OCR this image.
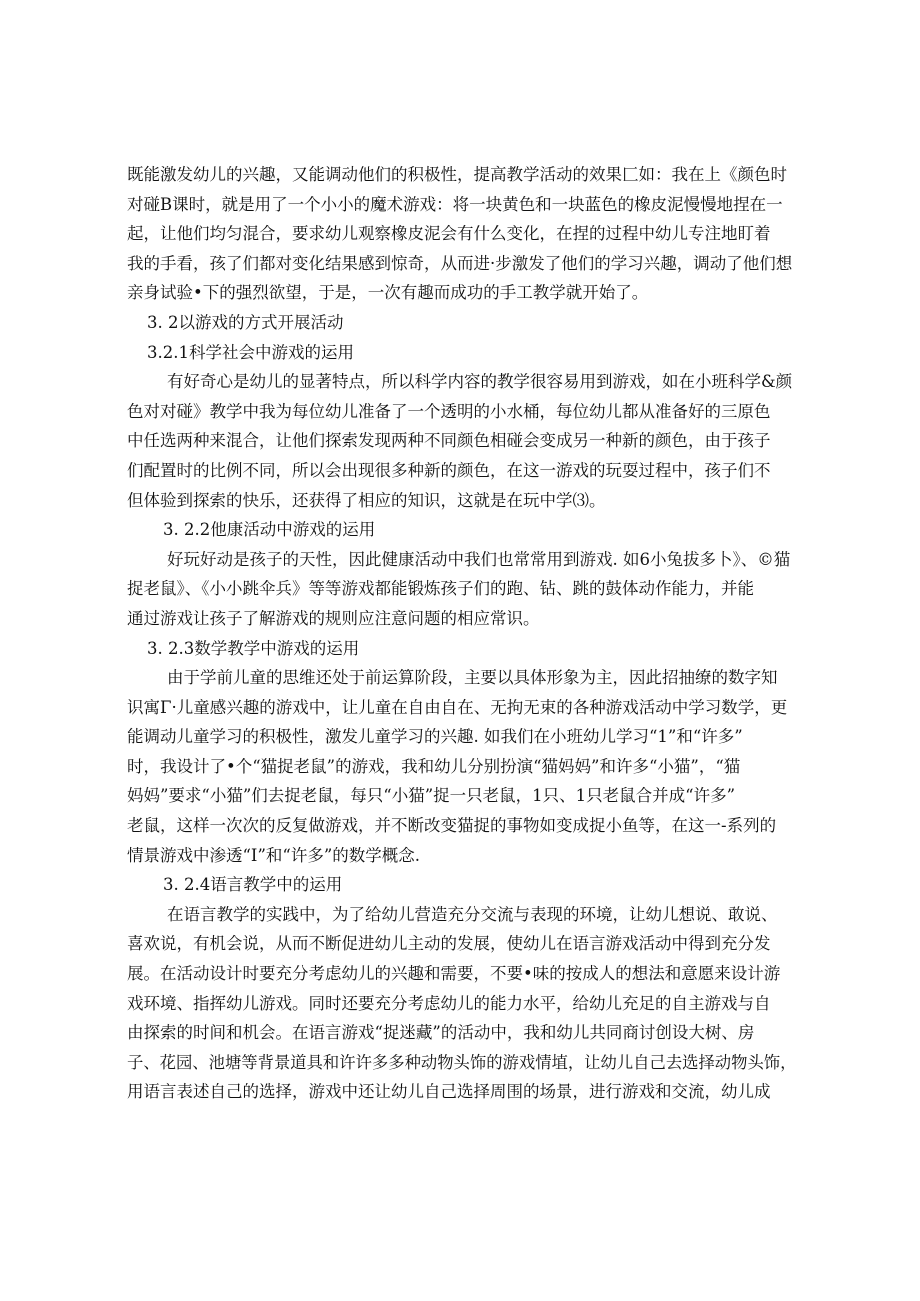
既能激发幼儿的兴趣，又能调动他们的积极性，提高教学活动的效果匚如：我在上《颜色时
对碰B课时，就是用了一个小小的魔术游戏：将一块黄色和一块蓝色的橡皮泥慢慢地捏在一
起，让他们均匀混合，要求幼儿观察橡皮泥会有什么变化，在捏的过程中幼儿专注地盯着
我的手看，孩了们都对变化结果感到惊奇，从而进·步激发了他们的学习兴趣，调动了他们想
亲身试验•下的强烈欲望，于是，一次有趣而成功的手工教学就开始了。
3. 2以游戏的方式开展活动
3.2.1科学社会中游戏的运用
有好奇心是幼儿的显著特点，所以科学内容的教学很容易用到游戏，如在小班科学&颜
色对对碰》教学中我为每位幼儿准备了一个透明的小水桶，每位幼儿都从准备好的三原色
中任选两种来混合，让他们探索发现两种不同颜色相碰会变成另一种新的颜色，由于孩子
们配置时的比例不同，所以会出现很多种新的颜色，在这一游戏的玩耍过程中，孩子们不
但体验到探索的快乐，还获得了相应的知识，这就是在玩中学⑶。
3. 2.2他康活动中游戏的运用
好玩好动是孩子的天性，因此健康活动中我们也常常用到游戏. 如6小兔拔多卜》、©猫
捉老鼠》、《小小跳伞兵》等等游戏都能锻炼孩子们的跑、钻、跳的鼓体动作能力，并能
通过游戏让孩子了解游戏的规则应注意问题的相应常识。
3. 2.3数学教学中游戏的运用
由于学前儿童的思维还处于前运算阶段，主要以具体形象为主，因此招抽缭的数字知
识寓Γ·儿童感兴趣的游戏中，让儿童在自由自在、无拘无束的各种游戏活动中学习数学，更
能调动儿童学习的积极性，激发儿童学习的兴趣. 如我们在小班幼儿学习“1”和“许多”
时，我设计了•个“猫捉老鼠”的游戏，我和幼儿分别扮演“猫妈妈”和许多“小猫”，“猫
妈妈”要求“小猫”们去捉老鼠，每只“小猫”捉一只老鼠，1只、1只老鼠合并成“许多”
老鼠，这样一次次的反复做游戏，并不断改变猫捉的事物如变成捉小鱼等，在这一-系列的
情景游戏中渗透“I”和“许多”的数学概念.
3. 2.4语言教学中的运用
在语言教学的实践中，为了给幼儿营造充分交流与表现的环境，让幼儿想说、敢说、
喜欢说，有机会说，从而不断促进幼儿主动的发展，使幼儿在语言游戏活动中得到充分发
展。在活动设计时要充分考虑幼儿的兴趣和需要，不要•味的按成人的想法和意愿来设计游
戏环境、指挥幼儿游戏。同时还要充分考虑幼儿的能力水平，给幼儿充足的自主游戏与自
由探索的时间和机会。在语言游戏“捉迷藏”的活动中，我和幼儿共同商讨创设大树、房
子、花园、池塘等背景道具和许许多多种动物头饰的游戏情埴，让幼儿自己去选择动物头饰，
用语言表述自己的选择，游戏中还让幼儿自己选择周围的场景，进行游戏和交流，幼儿成
